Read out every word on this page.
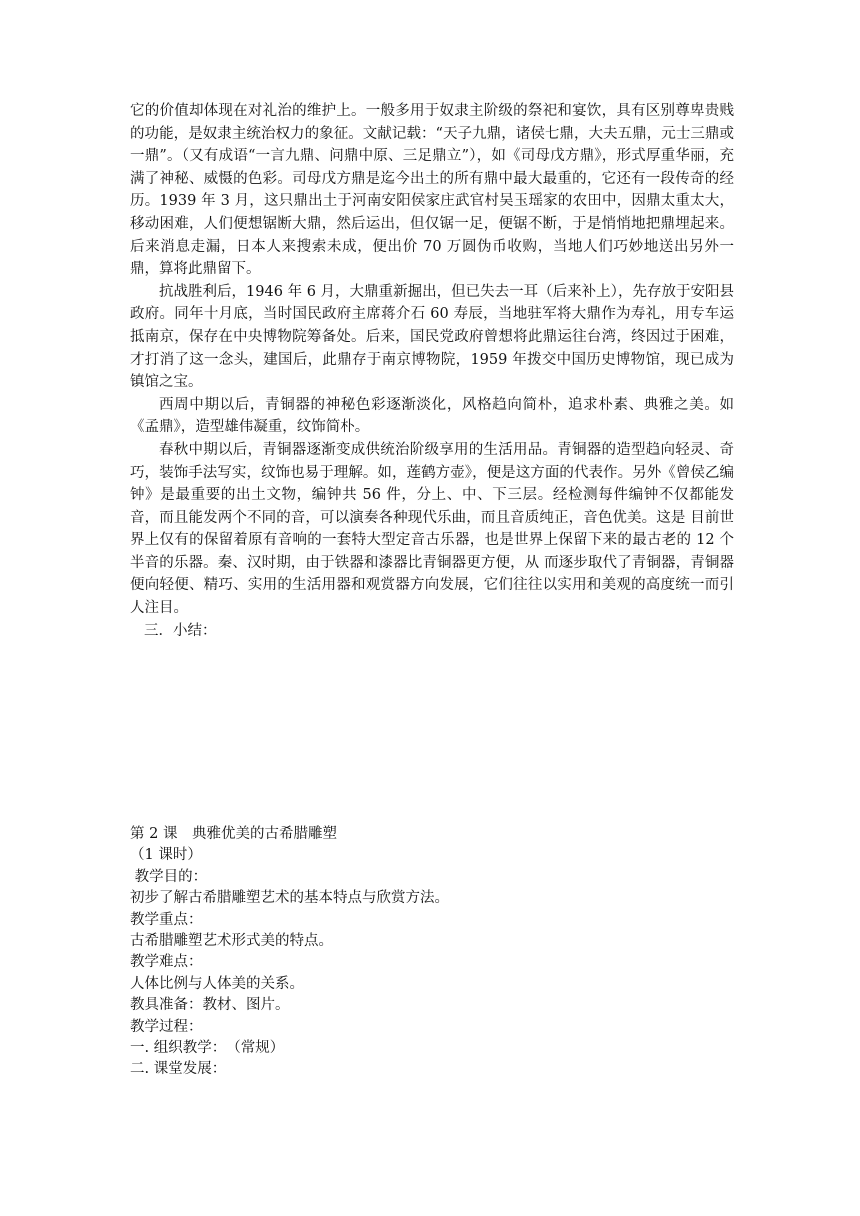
它的价值却体现在对礼治的维护上。一般多用于奴隶主阶级的祭祀和宴饮，具有区别尊卑贵贱的功能，是奴隶主统治权力的象征。文献记载：“天子九鼎，诸侯七鼎，大夫五鼎，元士三鼎或一鼎”。（又有成语“一言九鼎、问鼎中原、三足鼎立”），如《司母戊方鼎》，形式厚重华丽，充满了神秘、威慑的色彩。司母戊方鼎是迄今出土的所有鼎中最大最重的，它还有一段传奇的经历。1939 年 3 月，这只鼎出土于河南安阳侯家庄武官村吴玉瑶家的农田中，因鼎太重太大，移动困难，人们便想锯断大鼎，然后运出，但仅锯一足，便锯不断，于是悄悄地把鼎埋起来。后来消息走漏，日本人来搜索未成，便出价 70 万圆伪币收购，当地人们巧妙地送出另外一鼎，算将此鼎留下。

抗战胜利后，1946 年 6 月，大鼎重新掘出，但已失去一耳（后来补上），先存放于安阳县政府。同年十月底，当时国民政府主席蒋介石 60 寿辰，当地驻军将大鼎作为寿礼，用专车运抵南京，保存在中央博物院筹备处。后来，国民党政府曾想将此鼎运往台湾，终因过于困难，才打消了这一念头，建国后，此鼎存于南京博物院，1959 年拨交中国历史博物馆，现已成为镇馆之宝。

西周中期以后，青铜器的神秘色彩逐渐淡化，风格趋向简朴，追求朴素、典雅之美。如《孟鼎》，造型雄伟凝重，纹饰简朴。

春秋中期以后，青铜器逐渐变成供统治阶级享用的生活用品。青铜器的造型趋向轻灵、奇巧，装饰手法写实，纹饰也易于理解。如，莲鹤方壶》，便是这方面的代表作。另外《曾侯乙编钟》是最重要的出土文物，编钟共 56 件，分上、中、下三层。经检测每件编钟不仅都能发音，而且能发两个不同的音，可以演奏各种现代乐曲，而且音质纯正，音色优美。这是 目前世界上仅有的保留着原有音响的一套特大型定音古乐器，也是世界上保留下来的最古老的 12 个半音的乐器。秦、汉时期，由于铁器和漆器比青铜器更方便，从 而逐步取代了青铜器，青铜器便向轻便、精巧、实用的生活用器和观赏器方向发展，它们往往以实用和美观的高度统一而引人注目。

三．小结：

第 2 课　典雅优美的古希腊雕塑

（1 课时）

教学目的：

初步了解古希腊雕塑艺术的基本特点与欣赏方法。

教学重点：

古希腊雕塑艺术形式美的特点。

教学难点：

人体比例与人体美的关系。

教具准备：教材、图片。

教学过程：

一. 组织教学：　（常规）

二. 课堂发展：
